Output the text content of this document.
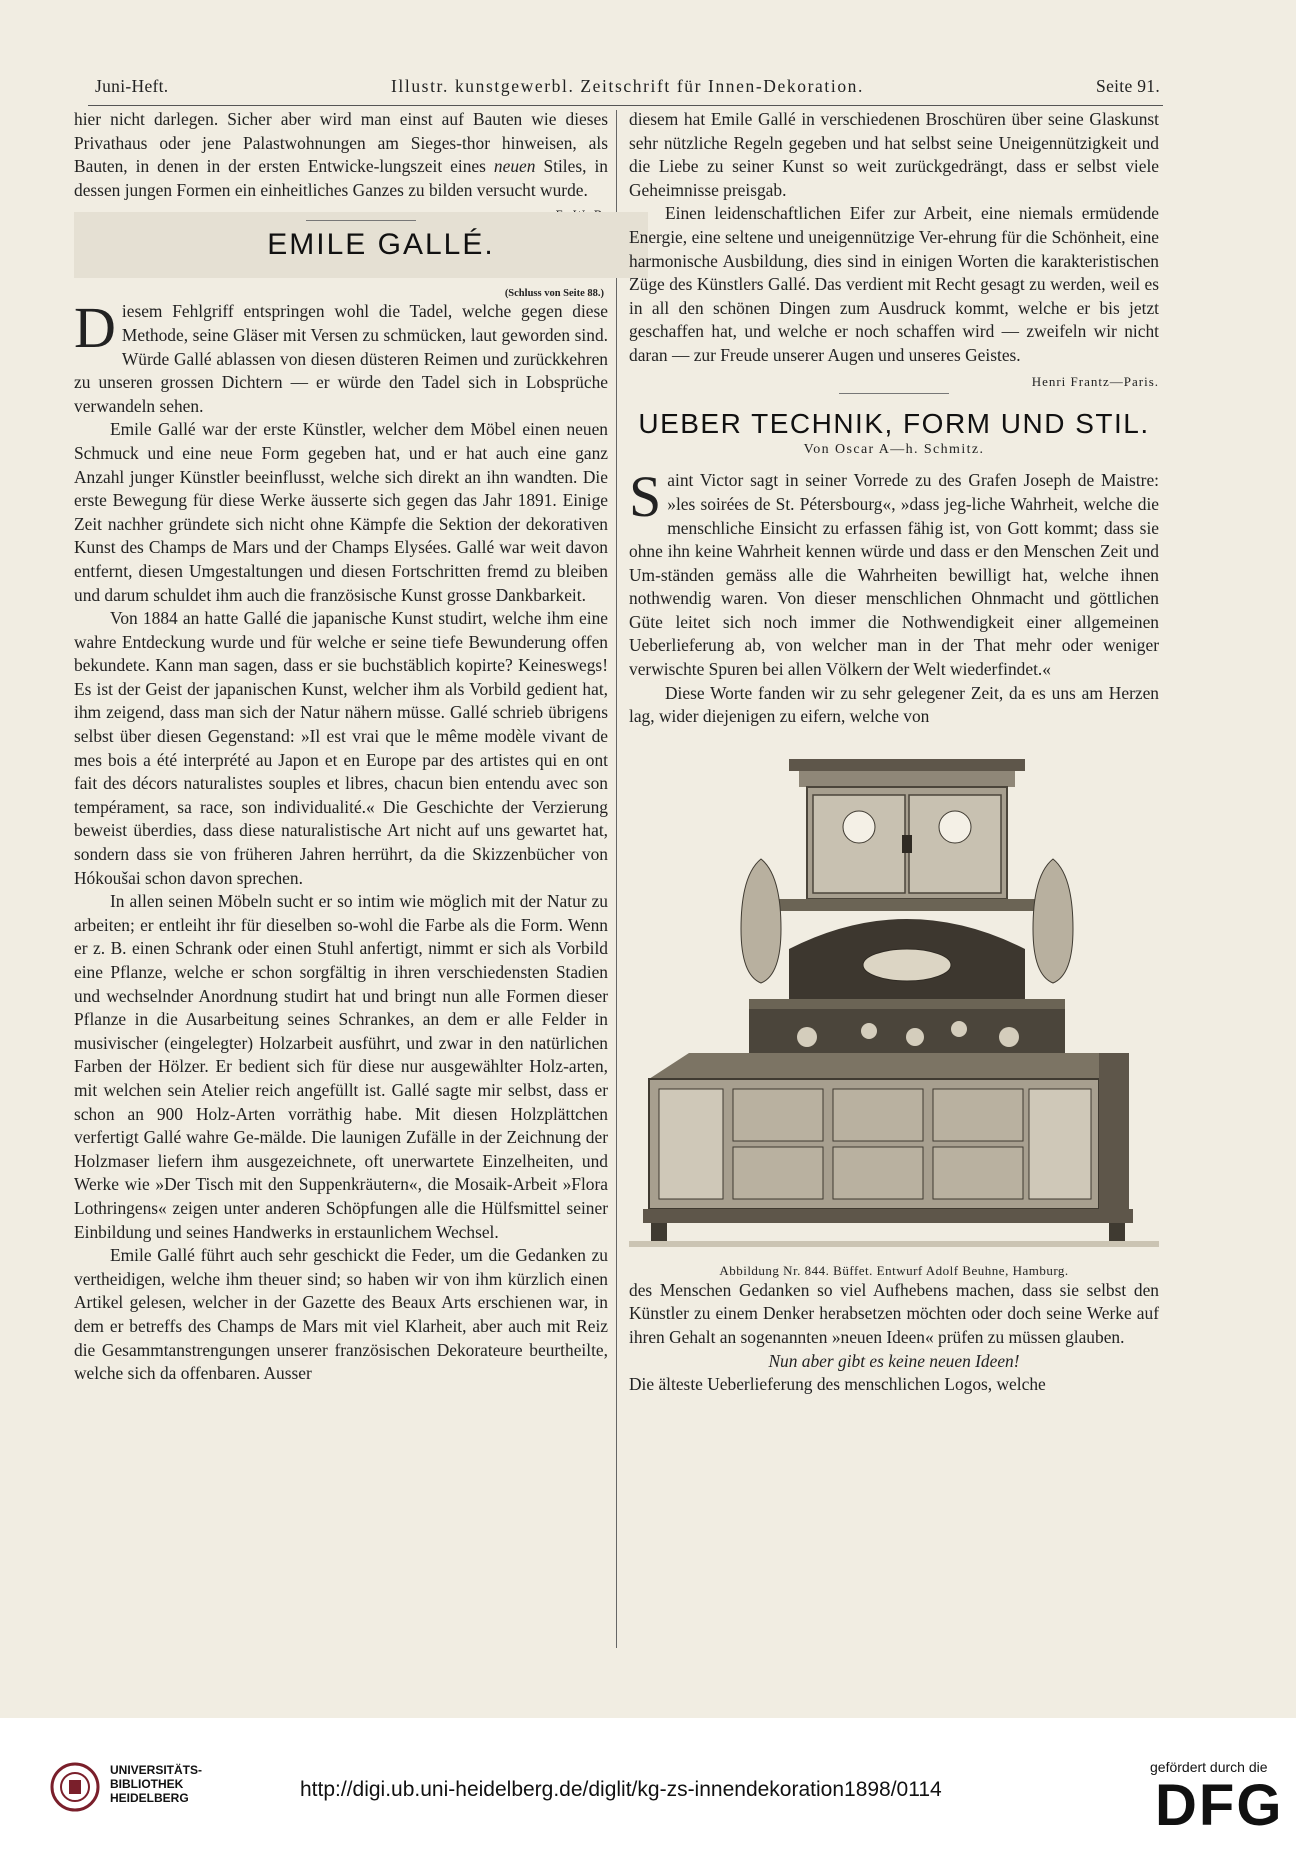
Juni-Heft.	Illustr. kunstgewerbl. Zeitschrift für Innen-Dekoration.	Seite 91.

hier nicht darlegen. Sicher aber wird man einst auf Bauten wie dieses Privathaus oder jene Palastwohnungen am Sieges-thor hinweisen, als Bauten, in denen in der ersten Entwicke-lungszeit eines neuen Stiles, in dessen jungen Formen ein einheitliches Ganzes zu bilden versucht wurde.

EMILE GALLÉ.
(Schluss von Seite 88.)

Diesem Fehlgriff entspringen wohl die Tadel, welche gegen diese Methode, seine Gläser mit Versen zu schmücken, laut geworden sind. Würde Gallé ablassen von diesen düsteren Reimen und zurückkehren zu unseren grossen Dichtern — er würde den Tadel sich in Lobsprüche verwandeln sehen.

Emile Gallé war der erste Künstler, welcher dem Möbel einen neuen Schmuck und eine neue Form gegeben hat, und er hat auch eine ganz Anzahl junger Künstler beeinflusst, welche sich direkt an ihn wandten. Die erste Bewegung für diese Werke äusserte sich gegen das Jahr 1891. Einige Zeit nachher gründete sich nicht ohne Kämpfe die Sektion der dekorativen Kunst des Champs de Mars und der Champs Elysées. Gallé war weit davon entfernt, diesen Umgestaltungen und diesen Fortschritten fremd zu bleiben und darum schuldet ihm auch die französische Kunst grosse Dankbarkeit.

Von 1884 an hatte Gallé die japanische Kunst studirt, welche ihm eine wahre Entdeckung wurde und für welche er seine tiefe Bewunderung offen bekundete. Kann man sagen, dass er sie buchstäblich kopirte? Keineswegs! Es ist der Geist der japanischen Kunst, welcher ihm als Vorbild gedient hat, ihm zeigend, dass man sich der Natur nähern müsse. Gallé schrieb übrigens selbst über diesen Gegenstand: »Il est vrai que le même modèle vivant de mes bois a été interprété au Japon et en Europe par des artistes qui en ont fait des décors naturalistes souples et libres, chacun bien entendu avec son tempérament, sa race, son individualité.« Die Geschichte der Verzierung beweist überdies, dass diese naturalistische Art nicht auf uns gewartet hat, sondern dass sie von früheren Jahren herrührt, da die Skizzenbücher von Hókoušai schon davon sprechen.

In allen seinen Möbeln sucht er so intim wie möglich mit der Natur zu arbeiten; er entleiht ihr für dieselben so-wohl die Farbe als die Form. Wenn er z. B. einen Schrank oder einen Stuhl anfertigt, nimmt er sich als Vorbild eine Pflanze, welche er schon sorgfältig in ihren verschiedensten Stadien und wechselnder Anordnung studirt hat und bringt nun alle Formen dieser Pflanze in die Ausarbeitung seines Schrankes, an dem er alle Felder in musivischer (eingelegter) Holzarbeit ausführt, und zwar in den natürlichen Farben der Hölzer. Er bedient sich für diese nur ausgewählter Holz-arten, mit welchen sein Atelier reich angefüllt ist. Gallé sagte mir selbst, dass er schon an 900 Holz-Arten vorräthig habe. Mit diesen Holzplättchen verfertigt Gallé wahre Ge-mälde. Die launigen Zufälle in der Zeichnung der Holzmaser liefern ihm ausgezeichnete, oft unerwartete Einzelheiten, und Werke wie »Der Tisch mit den Suppenkräutern«, die Mosaik-Arbeit »Flora Lothringens« zeigen unter anderen Schöpfungen alle die Hülfsmittel seiner Einbildung und seines Handwerks in erstaunlichem Wechsel.

Emile Gallé führt auch sehr geschickt die Feder, um die Gedanken zu vertheidigen, welche ihm theuer sind; so haben wir von ihm kürzlich einen Artikel gelesen, welcher in der Gazette des Beaux Arts erschienen war, in dem er betreffs des Champs de Mars mit viel Klarheit, aber auch mit Reiz die Gesammtanstrengungen unserer französischen Dekorateure beurtheilte, welche sich da offenbaren. Ausser

diesem hat Emile Gallé in verschiedenen Broschüren über seine Glaskunst sehr nützliche Regeln gegeben und hat selbst seine Uneigennützigkeit und die Liebe zu seiner Kunst so weit zurückgedrängt, dass er selbst viele Geheimnisse preisgab.

Einen leidenschaftlichen Eifer zur Arbeit, eine niemals ermüdende Energie, eine seltene und uneigennützige Ver-ehrung für die Schönheit, eine harmonische Ausbildung, dies sind in einigen Worten die karakteristischen Züge des Künstlers Gallé. Das verdient mit Recht gesagt zu werden, weil es in all den schönen Dingen zum Ausdruck kommt, welche er bis jetzt geschaffen hat, und welche er noch schaffen wird — zweifeln wir nicht daran — zur Freude unserer Augen und unseres Geistes.
Henri Frantz—Paris.

UEBER TECHNIK, FORM UND STIL.
Von Oscar A—h. Schmitz.

Saint Victor sagt in seiner Vorrede zu des Grafen Joseph de Maistre: »les soirées de St. Pétersbourg«, »dass jeg-liche Wahrheit, welche die menschliche Einsicht zu erfassen fähig ist, von Gott kommt; dass sie ohne ihn keine Wahrheit kennen würde und dass er den Menschen Zeit und Um-ständen gemäss alle die Wahrheiten bewilligt hat, welche ihnen nothwendig waren. Von dieser menschlichen Ohnmacht und göttlichen Güte leitet sich noch immer die Nothwendigkeit einer allgemeinen Ueberlieferung ab, von welcher man in der That mehr oder weniger verwischte Spuren bei allen Völkern der Welt wiederfindet.«

Diese Worte fanden wir zu sehr gelegener Zeit, da es uns am Herzen lag, wider diejenigen zu eifern, welche von

Abbildung Nr. 844. Büffet. Entwurf Adolf Beuhne, Hamburg.

des Menschen Gedanken so viel Aufhebens machen, dass sie selbst den Künstler zu einem Denker herabsetzen möchten oder doch seine Werke auf ihren Gehalt an sogenannten »neuen Ideen« prüfen zu müssen glauben.

Nun aber gibt es keine neuen Ideen!

Die älteste Ueberlieferung des menschlichen Logos, welche

UNIVERSITÄTS-
BIBLIOTHEK
HEIDELBERG	http://digi.ub.uni-heidelberg.de/diglit/kg-zs-innendekoration1898/0114
gefördert durch die
DFG
